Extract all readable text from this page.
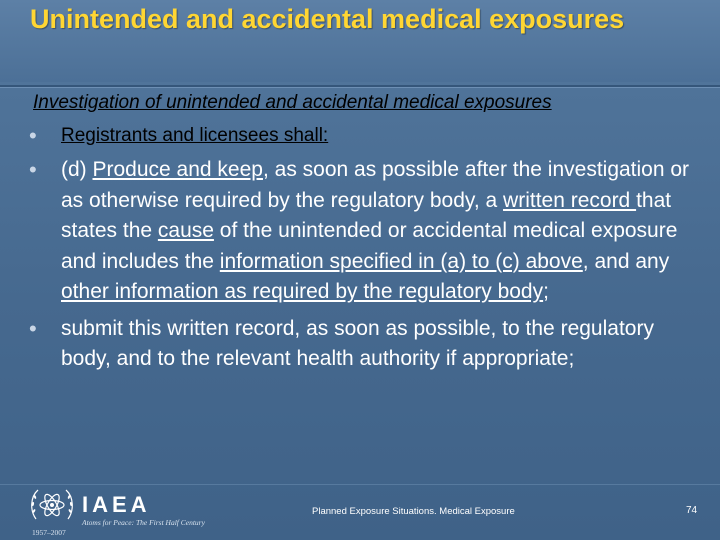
Unintended and accidental medical exposures
Investigation of unintended and accidental medical exposures
• Registrants and licensees shall:
• (d) Produce and keep, as soon as possible after the investigation or as otherwise required by the regulatory body, a written record that states the cause of the unintended or accidental medical exposure and includes the information specified in (a) to (c) above, and any other information as required by the regulatory body;
• submit this written record, as soon as possible, to the regulatory body, and to the relevant health authority if appropriate;
IAEA
Atoms for Peace: The First Half Century
1957–2007
Planned Exposure Situations. Medical Exposure	74
